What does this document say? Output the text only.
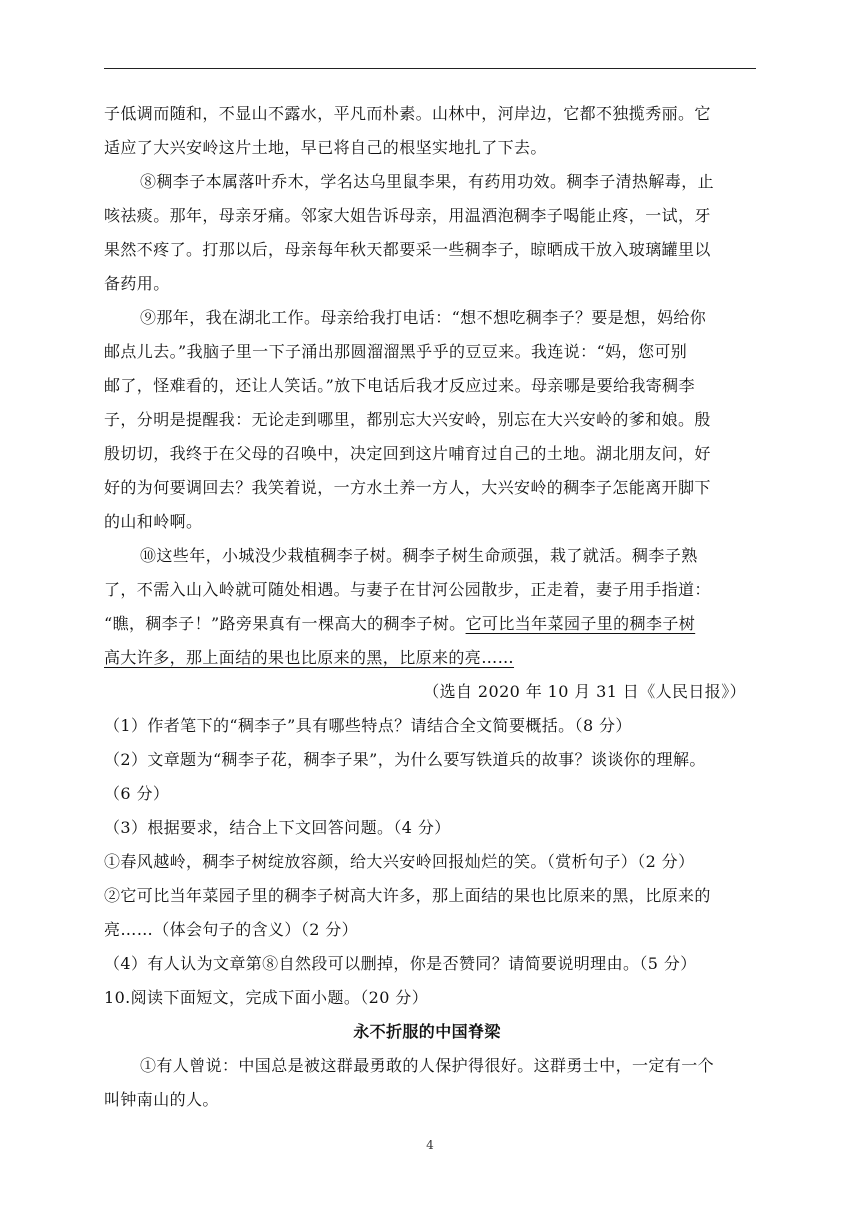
子低调而随和，不显山不露水，平凡而朴素。山林中，河岸边，它都不独揽秀丽。它
适应了大兴安岭这片土地，早已将自己的根坚实地扎了下去。
⑧稠李子本属落叶乔木，学名达乌里鼠李果，有药用功效。稠李子清热解毒，止
咳祛痰。那年，母亲牙痛。邻家大姐告诉母亲，用温酒泡稠李子喝能止疼，一试，牙
果然不疼了。打那以后，母亲每年秋天都要采一些稠李子，晾晒成干放入玻璃罐里以
备药用。
⑨那年，我在湖北工作。母亲给我打电话：“想不想吃稠李子？要是想，妈给你
邮点儿去。”我脑子里一下子涌出那圆溜溜黑乎乎的豆豆来。我连说：“妈，您可别
邮了，怪难看的，还让人笑话。”放下电话后我才反应过来。母亲哪是要给我寄稠李
子，分明是提醒我：无论走到哪里，都别忘大兴安岭，别忘在大兴安岭的爹和娘。殷
殷切切，我终于在父母的召唤中，决定回到这片哺育过自己的土地。湖北朋友问，好
好的为何要调回去？我笑着说，一方水土养一方人，大兴安岭的稠李子怎能离开脚下
的山和岭啊。
⑩这些年，小城没少栽植稠李子树。稠李子树生命顽强，栽了就活。稠李子熟
了，不需入山入岭就可随处相遇。与妻子在甘河公园散步，正走着，妻子用手指道：
“瞧，稠李子！”路旁果真有一棵高大的稠李子树。它可比当年菜园子里的稠李子树
高大许多，那上面结的果也比原来的黑，比原来的亮……
（选自 2020 年 10 月 31 日《人民日报》）
（1）作者笔下的“稠李子”具有哪些特点？请结合全文简要概括。（8 分）
（2）文章题为“稠李子花，稠李子果”，为什么要写铁道兵的故事？谈谈你的理解。
（6 分）
（3）根据要求，结合上下文回答问题。（4 分）
①春风越岭，稠李子树绽放容颜，给大兴安岭回报灿烂的笑。（赏析句子）（2 分）
②它可比当年菜园子里的稠李子树高大许多，那上面结的果也比原来的黑，比原来的
亮……（体会句子的含义）（2 分）
（4）有人认为文章第⑧自然段可以删掉，你是否赞同？请简要说明理由。（5 分）
10.阅读下面短文，完成下面小题。（20 分）
永不折服的中国脊梁
①有人曾说：中国总是被这群最勇敢的人保护得很好。这群勇士中，一定有一个
叫钟南山的人。
4
